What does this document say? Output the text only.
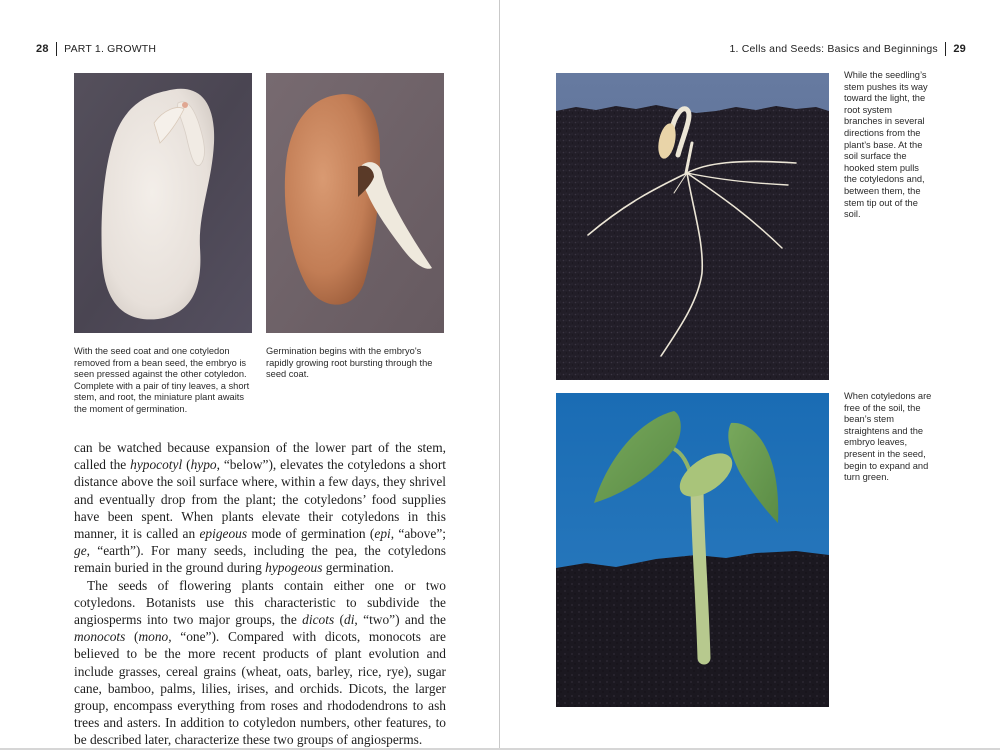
28 PART 1. GROWTH
With the seed coat and one cotyledon removed from a bean seed, the embryo is seen pressed against the other cotyledon. Complete with a pair of tiny leaves, a short stem, and root, the miniature plant awaits the moment of germination.
Germination begins with the embryo's rapidly growing root bursting through the seed coat.

can be watched because expansion of the lower part of the stem, called the hypocotyl (hypo, “below”), elevates the cotyledons a short distance above the soil surface where, within a few days, they shrivel and eventually drop from the plant; the cotyledons’ food supplies have been spent. When plants elevate their cotyledons in this manner, it is called an epigeous mode of germination (epi, “above”; ge, “earth”). For many seeds, including the pea, the cotyledons remain buried in the ground during hypogeous germination.

The seeds of flowering plants contain either one or two cotyledons. Botanists use this characteristic to subdivide the angiosperms into two major groups, the dicots (di, “two”) and the monocots (mono, “one”). Compared with dicots, monocots are believed to be the more recent products of plant evolution and include grasses, cereal grains (wheat, oats, barley, rice, rye), sugar cane, bamboo, palms, lilies, irises, and orchids. Dicots, the larger group, encompass everything from roses and rhododendrons to ash trees and asters. In addition to cotyledon numbers, other features, to be described later, characterize these two groups of angiosperms.

1. Cells and Seeds: Basics and Beginnings 29
While the seedling’s stem pushes its way toward the light, the root system branches in several directions from the plant’s base. At the soil surface the hooked stem pulls the cotyledons and, between them, the stem tip out of the soil.
When cotyledons are free of the soil, the bean’s stem straightens and the embryo leaves, present in the seed, begin to expand and turn green.
